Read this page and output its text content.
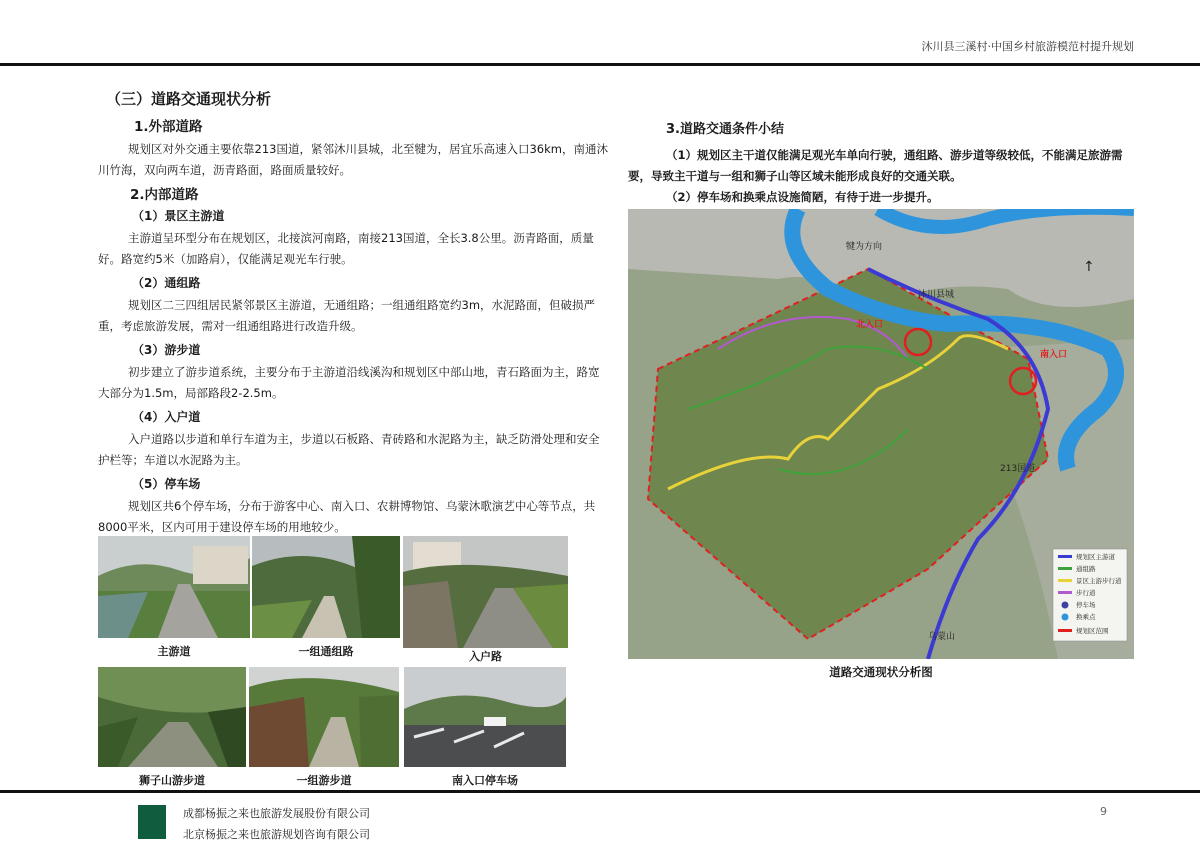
沐川县三溪村·中国乡村旅游模范村提升规划
（三）道路交通现状分析
1.外部道路
规划区对外交通主要依靠213国道，紧邻沐川县城，北至犍为，居宜乐高速入口36km，南通沐川竹海，双向两车道，沥青路面，路面质量较好。
2.内部道路
（1）景区主游道
主游道呈环型分布在规划区，北接滨河南路，南接213国道，全长3.8公里。沥青路面，质量好。路宽约5米（加路肩），仅能满足观光车行驶。
（2）通组路
规划区二三四组居民紧邻景区主游道，无通组路；一组通组路宽约3m，水泥路面，但破损严重，考虑旅游发展，需对一组通组路进行改造升级。
（3）游步道
初步建立了游步道系统，主要分布于主游道沿线溪沟和规划区中部山地，青石路面为主，路宽大部分为1.5m，局部路段2-2.5m。
（4）入户道
入户道路以步道和单行车道为主，步道以石板路、青砖路和水泥路为主，缺乏防滑处理和安全护栏等；车道以水泥路为主。
（5）停车场
规划区共6个停车场，分布于游客中心、南入口、农耕博物馆、乌蒙沐歌演艺中心等节点，共8000平米，区内可用于建设停车场的用地较少。
主游道	一组通组路	入户路
狮子山游步道	一组游步道	南入口停车场
3.道路交通条件小结
（1）规划区主干道仅能满足观光车单向行驶，通组路、游步道等级较低，不能满足旅游需要，导致主干道与一组和狮子山等区域未能形成良好的交通关联。
（2）停车场和换乘点设施简陋，有待于进一步提升。
沐川县城
北入口
南入口
犍为方向
213国道
乌蒙山
↑
规划区主游道
通组路
景区主游步行道
步行道
停车场
换乘点
规划区范围
道路交通现状分析图
成都杨振之来也旅游发展股份有限公司
北京杨振之来也旅游规划咨询有限公司
9
